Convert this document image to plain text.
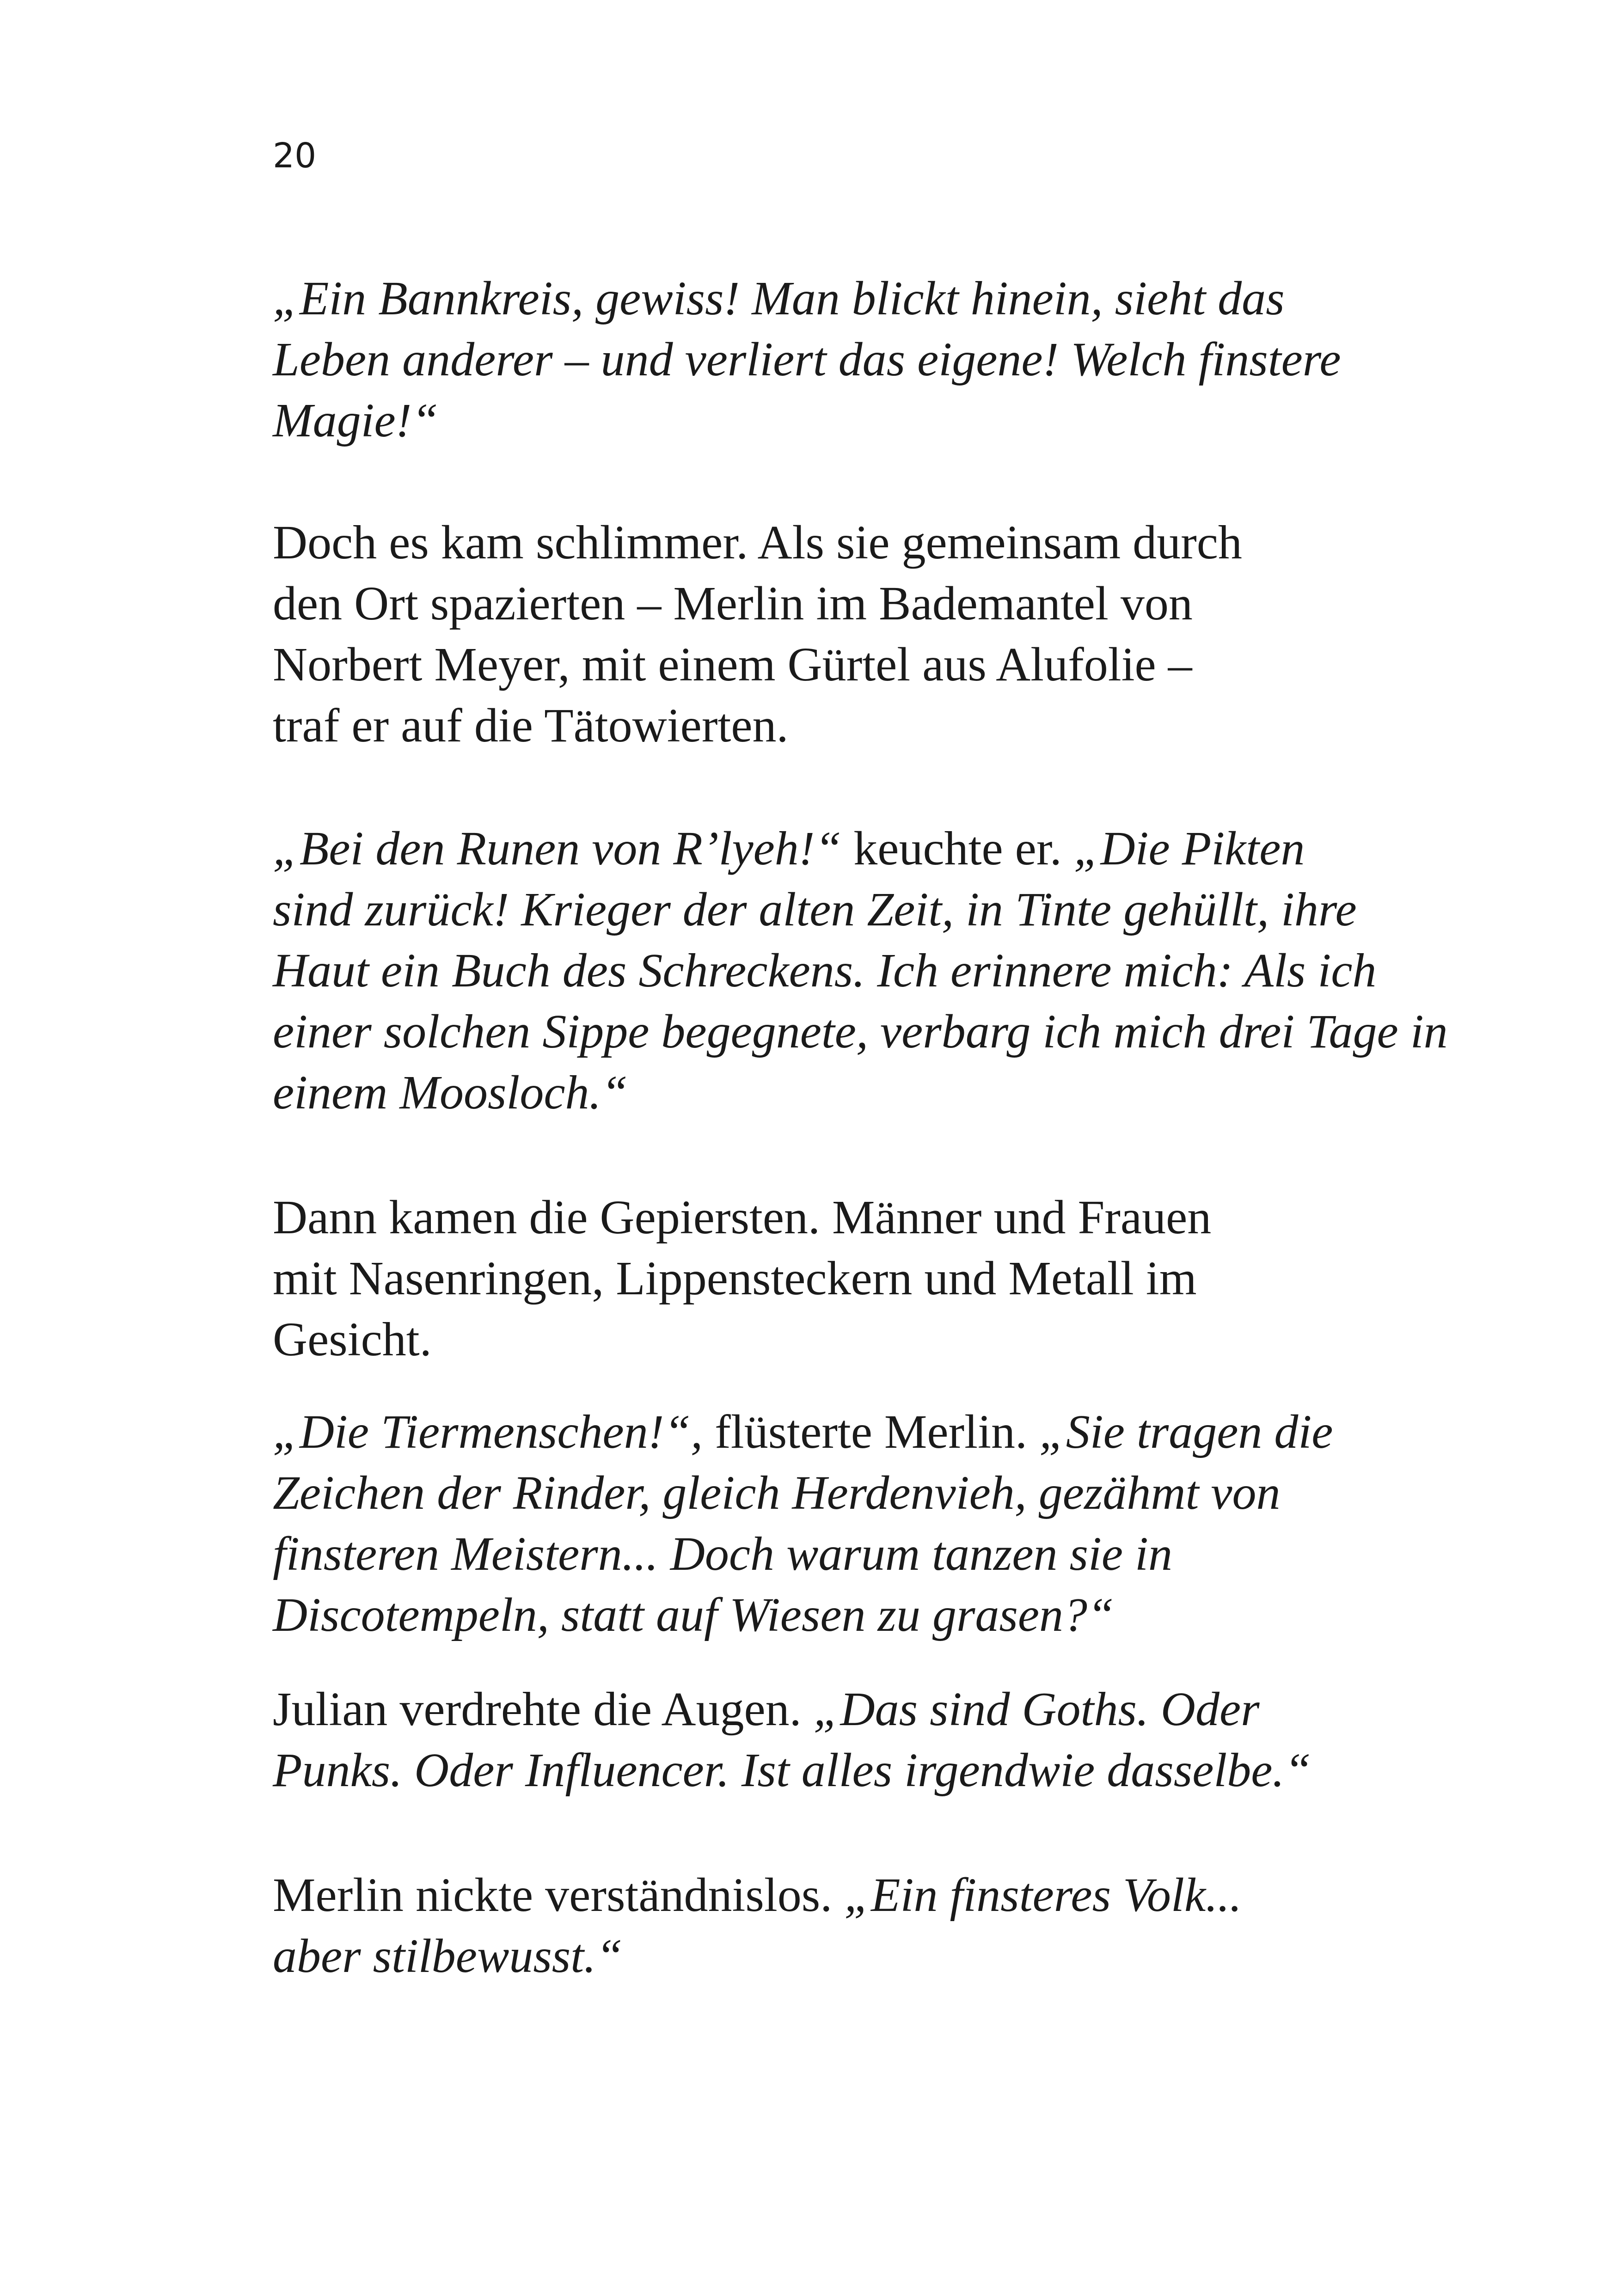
20
„Ein Bannkreis, gewiss! Man blickt hinein, sieht das
Leben anderer – und verliert das eigene! Welch finstere
Magie!“
Doch es kam schlimmer. Als sie gemeinsam durch
den Ort spazierten – Merlin im Bademantel von
Norbert Meyer, mit einem Gürtel aus Alufolie –
traf er auf die Tätowierten.
„Bei den Runen von R’lyeh!“ keuchte er. „Die Pikten
sind zurück! Krieger der alten Zeit, in Tinte gehüllt, ihre
Haut ein Buch des Schreckens. Ich erinnere mich: Als ich
einer solchen Sippe begegnete, verbarg ich mich drei Tage in
einem Moosloch.“
Dann kamen die Gepiersten. Männer und Frauen
mit Nasenringen, Lippensteckern und Metall im
Gesicht.
„Die Tiermenschen!“, flüsterte Merlin. „Sie tragen die
Zeichen der Rinder, gleich Herdenvieh, gezähmt von
finsteren Meistern... Doch warum tanzen sie in
Discotempeln, statt auf Wiesen zu grasen?“
Julian verdrehte die Augen. „Das sind Goths. Oder
Punks. Oder Influencer. Ist alles irgendwie dasselbe.“
Merlin nickte verständnislos. „Ein finsteres Volk...
aber stilbewusst.“
